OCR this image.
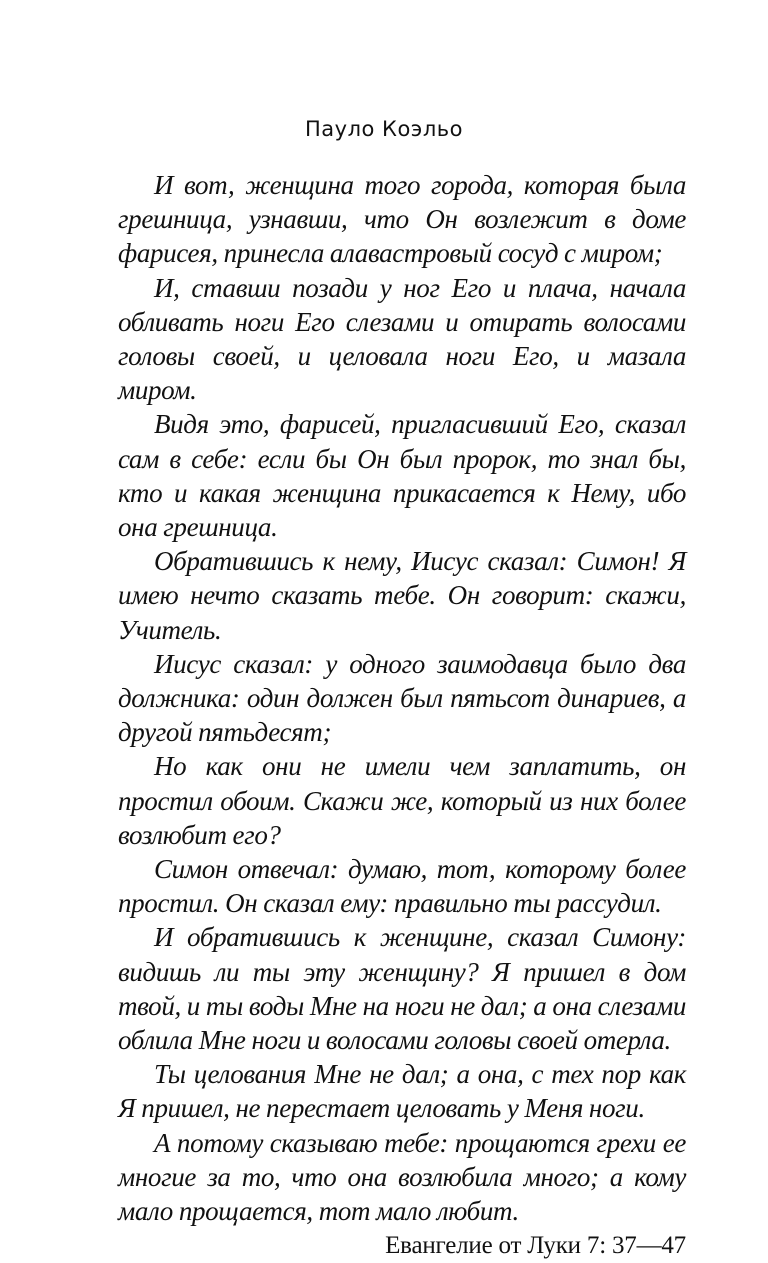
Пауло Коэльо

И вот, женщина того города, которая была грешница, узнавши, что Он возлежит в доме фарисея, принесла алавастровый сосуд с миром;

И, ставши позади у ног Его и плача, начала обливать ноги Его слезами и отирать волосами головы своей, и целовала ноги Его, и мазала миром.

Видя это, фарисей, пригласивший Его, сказал сам в себе: если бы Он был пророк, то знал бы, кто и какая женщина прикасается к Нему, ибо она грешница.

Обратившись к нему, Иисус сказал: Симон! Я имею нечто сказать тебе. Он говорит: скажи, Учитель.

Иисус сказал: у одного заимодавца было два должника: один должен был пятьсот динариев, а другой пятьдесят;

Но как они не имели чем заплатить, он простил обоим. Скажи же, который из них более возлюбит его?

Симон отвечал: думаю, тот, которому более простил. Он сказал ему: правильно ты рассудил.

И обратившись к женщине, сказал Симону: видишь ли ты эту женщину? Я пришел в дом твой, и ты воды Мне на ноги не дал; а она слезами облила Мне ноги и волосами головы своей отерла.

Ты целования Мне не дал; а она, с тех пор как Я пришел, не перестает целовать у Меня ноги.

А потому сказываю тебе: прощаются грехи ее многие за то, что она возлюбила много; а кому мало прощается, тот мало любит.

Евангелие от Луки 7: 37—47
